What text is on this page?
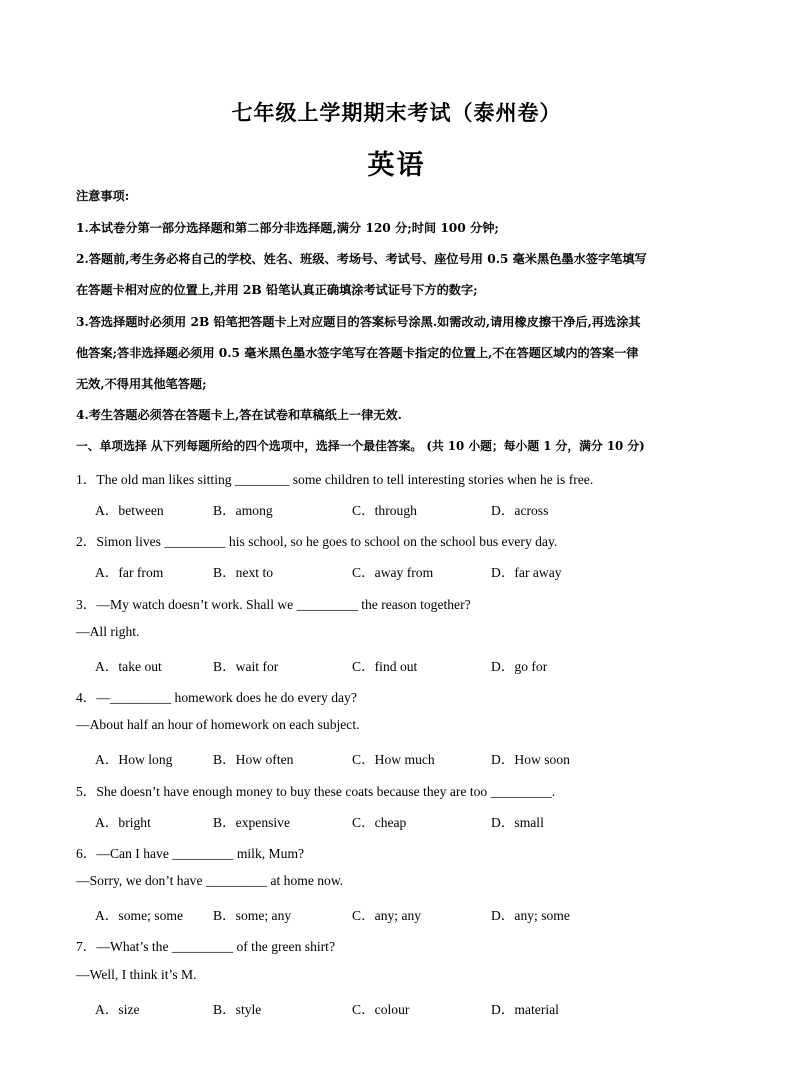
七年级上学期期末考试（泰州卷）
英语
注意事项:
1.本试卷分第一部分选择题和第二部分非选择题,满分 120 分;时间 100 分钟;
2.答题前,考生务必将自己的学校、姓名、班级、考场号、考试号、座位号用 0.5 毫米黑色墨水签字笔填写
在答题卡相对应的位置上,并用 2B 铅笔认真正确填涂考试证号下方的数字;
3.答选择题时必须用 2B 铅笔把答题卡上对应题目的答案标号涂黑.如需改动,请用橡皮擦干净后,再选涂其
他答案;答非选择题必须用 0.5 毫米黑色墨水签字笔写在答题卡指定的位置上,不在答题区域内的答案一律
无效,不得用其他笔答题;
4.考生答题必须答在答题卡上,答在试卷和草稿纸上一律无效.
一、单项选择 从下列每题所给的四个选项中，选择一个最佳答案。 (共 10 小题；每小题 1 分，满分 10 分)
1．The old man likes sitting ________ some children to tell interesting stories when he is free.
A．between	B．among	C．through	D．across
2．Simon lives _________ his school, so he goes to school on the school bus every day.
A．far from	B．next to	C．away from	D．far away
3．—My watch doesn’t work. Shall we _________ the reason together?
—All right.
A．take out	B．wait for	C．find out	D．go for
4．—_________ homework does he do every day?
—About half an hour of homework on each subject.
A．How long	B．How often	C．How much	D．How soon
5．She doesn’t have enough money to buy these coats because they are too _________.
A．bright	B．expensive	C．cheap	D．small
6．—Can I have _________ milk, Mum?
—Sorry, we don’t have _________ at home now.
A．some; some B．some; any	C．any; any	D．any; some
7．—What’s the _________ of the green shirt?
—Well, I think it’s M.
A．size	B．style	C．colour	D．material
